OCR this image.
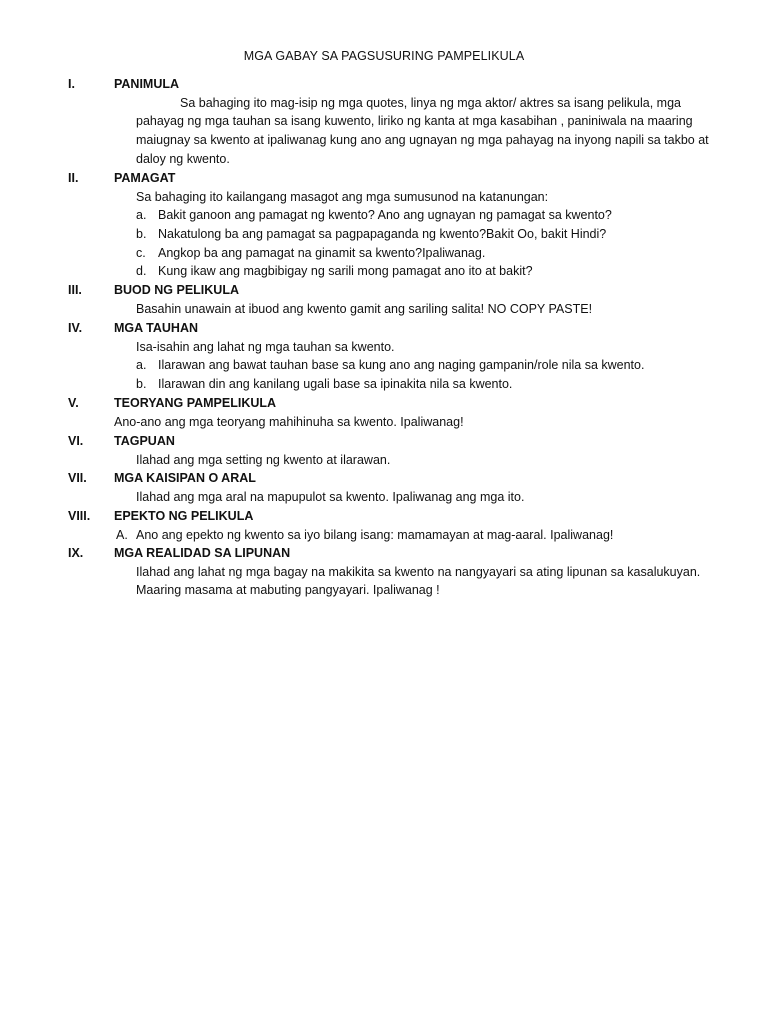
MGA GABAY SA PAGSUSURING PAMPELIKULA
I.	PANIMULA
Sa bahaging ito mag-isip ng mga quotes, linya ng mga aktor/ aktres sa isang pelikula, mga
pahayag ng mga tauhan sa isang kuwento, liriko ng kanta at mga kasabihan , paniniwala na maaring
maiugnay sa kwento at ipaliwanag kung ano ang ugnayan ng mga pahayag na inyong napili sa takbo at
daloy ng kwento.
II.	PAMAGAT
Sa bahaging ito kailangang masagot ang mga sumusunod na katanungan:
a. Bakit ganoon ang pamagat ng kwento? Ano ang ugnayan ng pamagat sa kwento?
b. Nakatulong ba ang pamagat sa pagpapaganda ng kwento?Bakit Oo, bakit Hindi?
c. Angkop ba ang pamagat na ginamit sa kwento?Ipaliwanag.
d. Kung ikaw ang magbibigay ng sarili mong pamagat ano ito at bakit?
III.	BUOD NG PELIKULA
Basahin unawain at ibuod ang kwento gamit ang sariling salita! NO COPY PASTE!
IV.	MGA TAUHAN
Isa-isahin ang lahat ng mga tauhan sa kwento.
a. Ilarawan ang bawat tauhan base sa kung ano ang naging gampanin/role nila sa kwento.
b. Ilarawan din ang kanilang ugali base sa ipinakita nila sa kwento.
V.	TEORYANG PAMPELIKULA
Ano-ano ang mga teoryang mahihinuha sa kwento. Ipaliwanag!
VI. TAGPUAN
Ilahad ang mga setting ng kwento at ilarawan.
VII. MGA KAISIPAN O ARAL
Ilahad ang mga aral na mapupulot sa kwento. Ipaliwanag ang mga ito.
VIII. EPEKTO NG PELIKULA
A. Ano ang epekto ng kwento sa iyo bilang isang: mamamayan at mag-aaral. Ipaliwanag!
IX. MGA REALIDAD SA LIPUNAN
Ilahad ang lahat ng mga bagay na makikita sa kwento na nangyayari sa ating lipunan sa kasalukuyan.
Maaring masama at mabuting pangyayari. Ipaliwanag !
